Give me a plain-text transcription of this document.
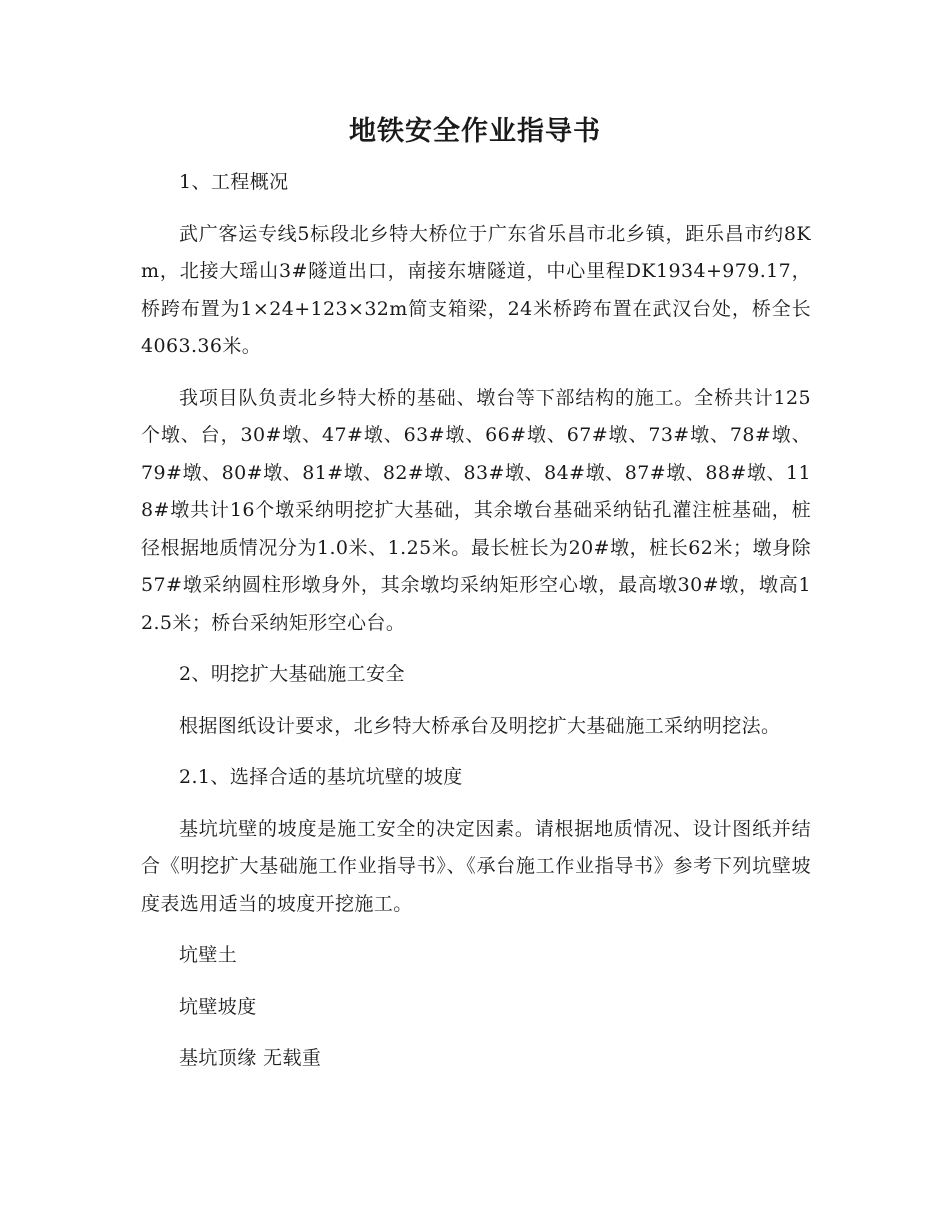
地铁安全作业指导书

1、工程概况

武广客运专线5标段北乡特大桥位于广东省乐昌市北乡镇，距乐昌市约8Km，北接大瑶山3#隧道出口，南接东塘隧道，中心里程DK1934+979.17，桥跨布置为1×24+123×32m简支箱梁，24米桥跨布置在武汉台处，桥全长4063.36米。

我项目队负责北乡特大桥的基础、墩台等下部结构的施工。全桥共计125个墩、台，30#墩、47#墩、63#墩、66#墩、67#墩、73#墩、78#墩、79#墩、80#墩、81#墩、82#墩、83#墩、84#墩、87#墩、88#墩、118#墩共计16个墩采纳明挖扩大基础，其余墩台基础采纳钻孔灌注桩基础，桩径根据地质情况分为1.0米、1.25米。最长桩长为20#墩，桩长62米；墩身除57#墩采纳圆柱形墩身外，其余墩均采纳矩形空心墩，最高墩30#墩，墩高12.5米；桥台采纳矩形空心台。

2、明挖扩大基础施工安全

根据图纸设计要求，北乡特大桥承台及明挖扩大基础施工采纳明挖法。

2.1、选择合适的基坑坑壁的坡度

基坑坑壁的坡度是施工安全的决定因素。请根据地质情况、设计图纸并结合《明挖扩大基础施工作业指导书》、《承台施工作业指导书》参考下列坑壁坡度表选用适当的坡度开挖施工。

坑壁土

坑壁坡度

基坑顶缘 无载重
